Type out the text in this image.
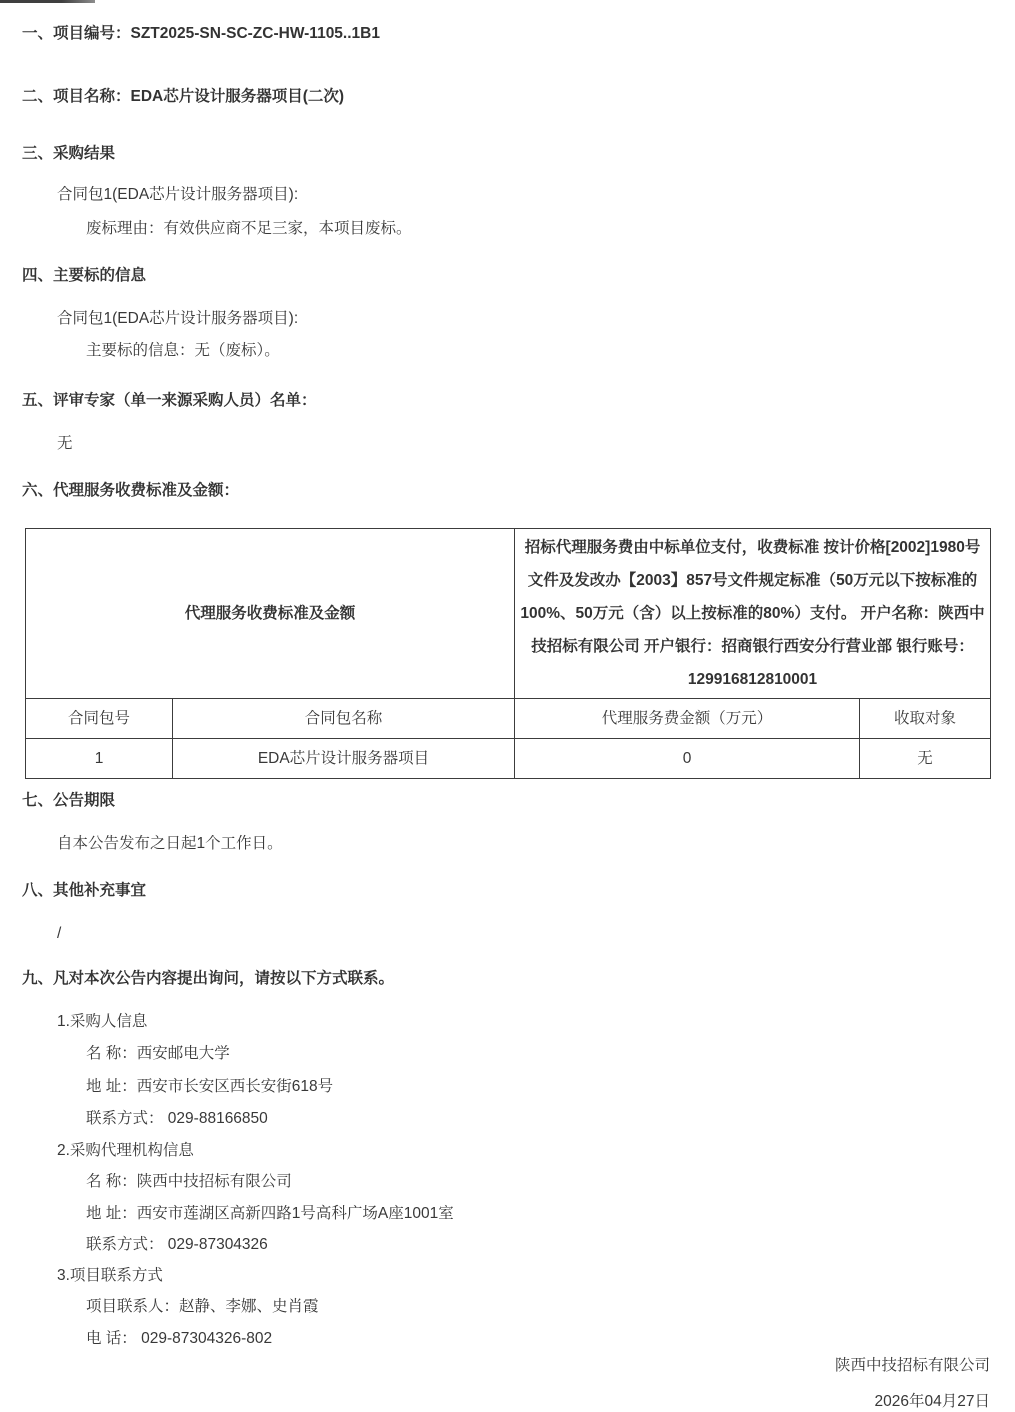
一、项目编号：SZT2025-SN-SC-ZC-HW-1105..1B1
二、项目名称：EDA芯片设计服务器项目(二次)
三、采购结果
合同包1(EDA芯片设计服务器项目):
废标理由：有效供应商不足三家，本项目废标。
四、主要标的信息
合同包1(EDA芯片设计服务器项目):
主要标的信息：无（废标）。
五、评审专家（单一来源采购人员）名单：
无
六、代理服务收费标准及金额：
代理服务收费标准及金额		招标代理服务费由中标单位支付，收费标准 按计价格[2002]1980号文件及发改办【2003】857号文件规定标准（50万元以下按标准的100%、50万元（含）以上按标准的80%）支付。 开户名称：陕西中技招标有限公司 开户银行：招商银行西安分行营业部 银行账号：129916812810001	
合同包号	合同包名称	代理服务费金额（万元）	收取对象
1	EDA芯片设计服务器项目	0	无
七、公告期限
自本公告发布之日起1个工作日。
八、其他补充事宜
/
九、凡对本次公告内容提出询问，请按以下方式联系。
1.采购人信息
名 称：西安邮电大学
地 址：西安市长安区西长安街618号
联系方式： 029-88166850
2.采购代理机构信息
名 称：陕西中技招标有限公司
地 址：西安市莲湖区高新四路1号高科广场A座1001室
联系方式： 029-87304326
3.项目联系方式
项目联系人：赵静、李娜、史肖霞
电 话： 029-87304326-802
陕西中技招标有限公司
2026年04月27日
